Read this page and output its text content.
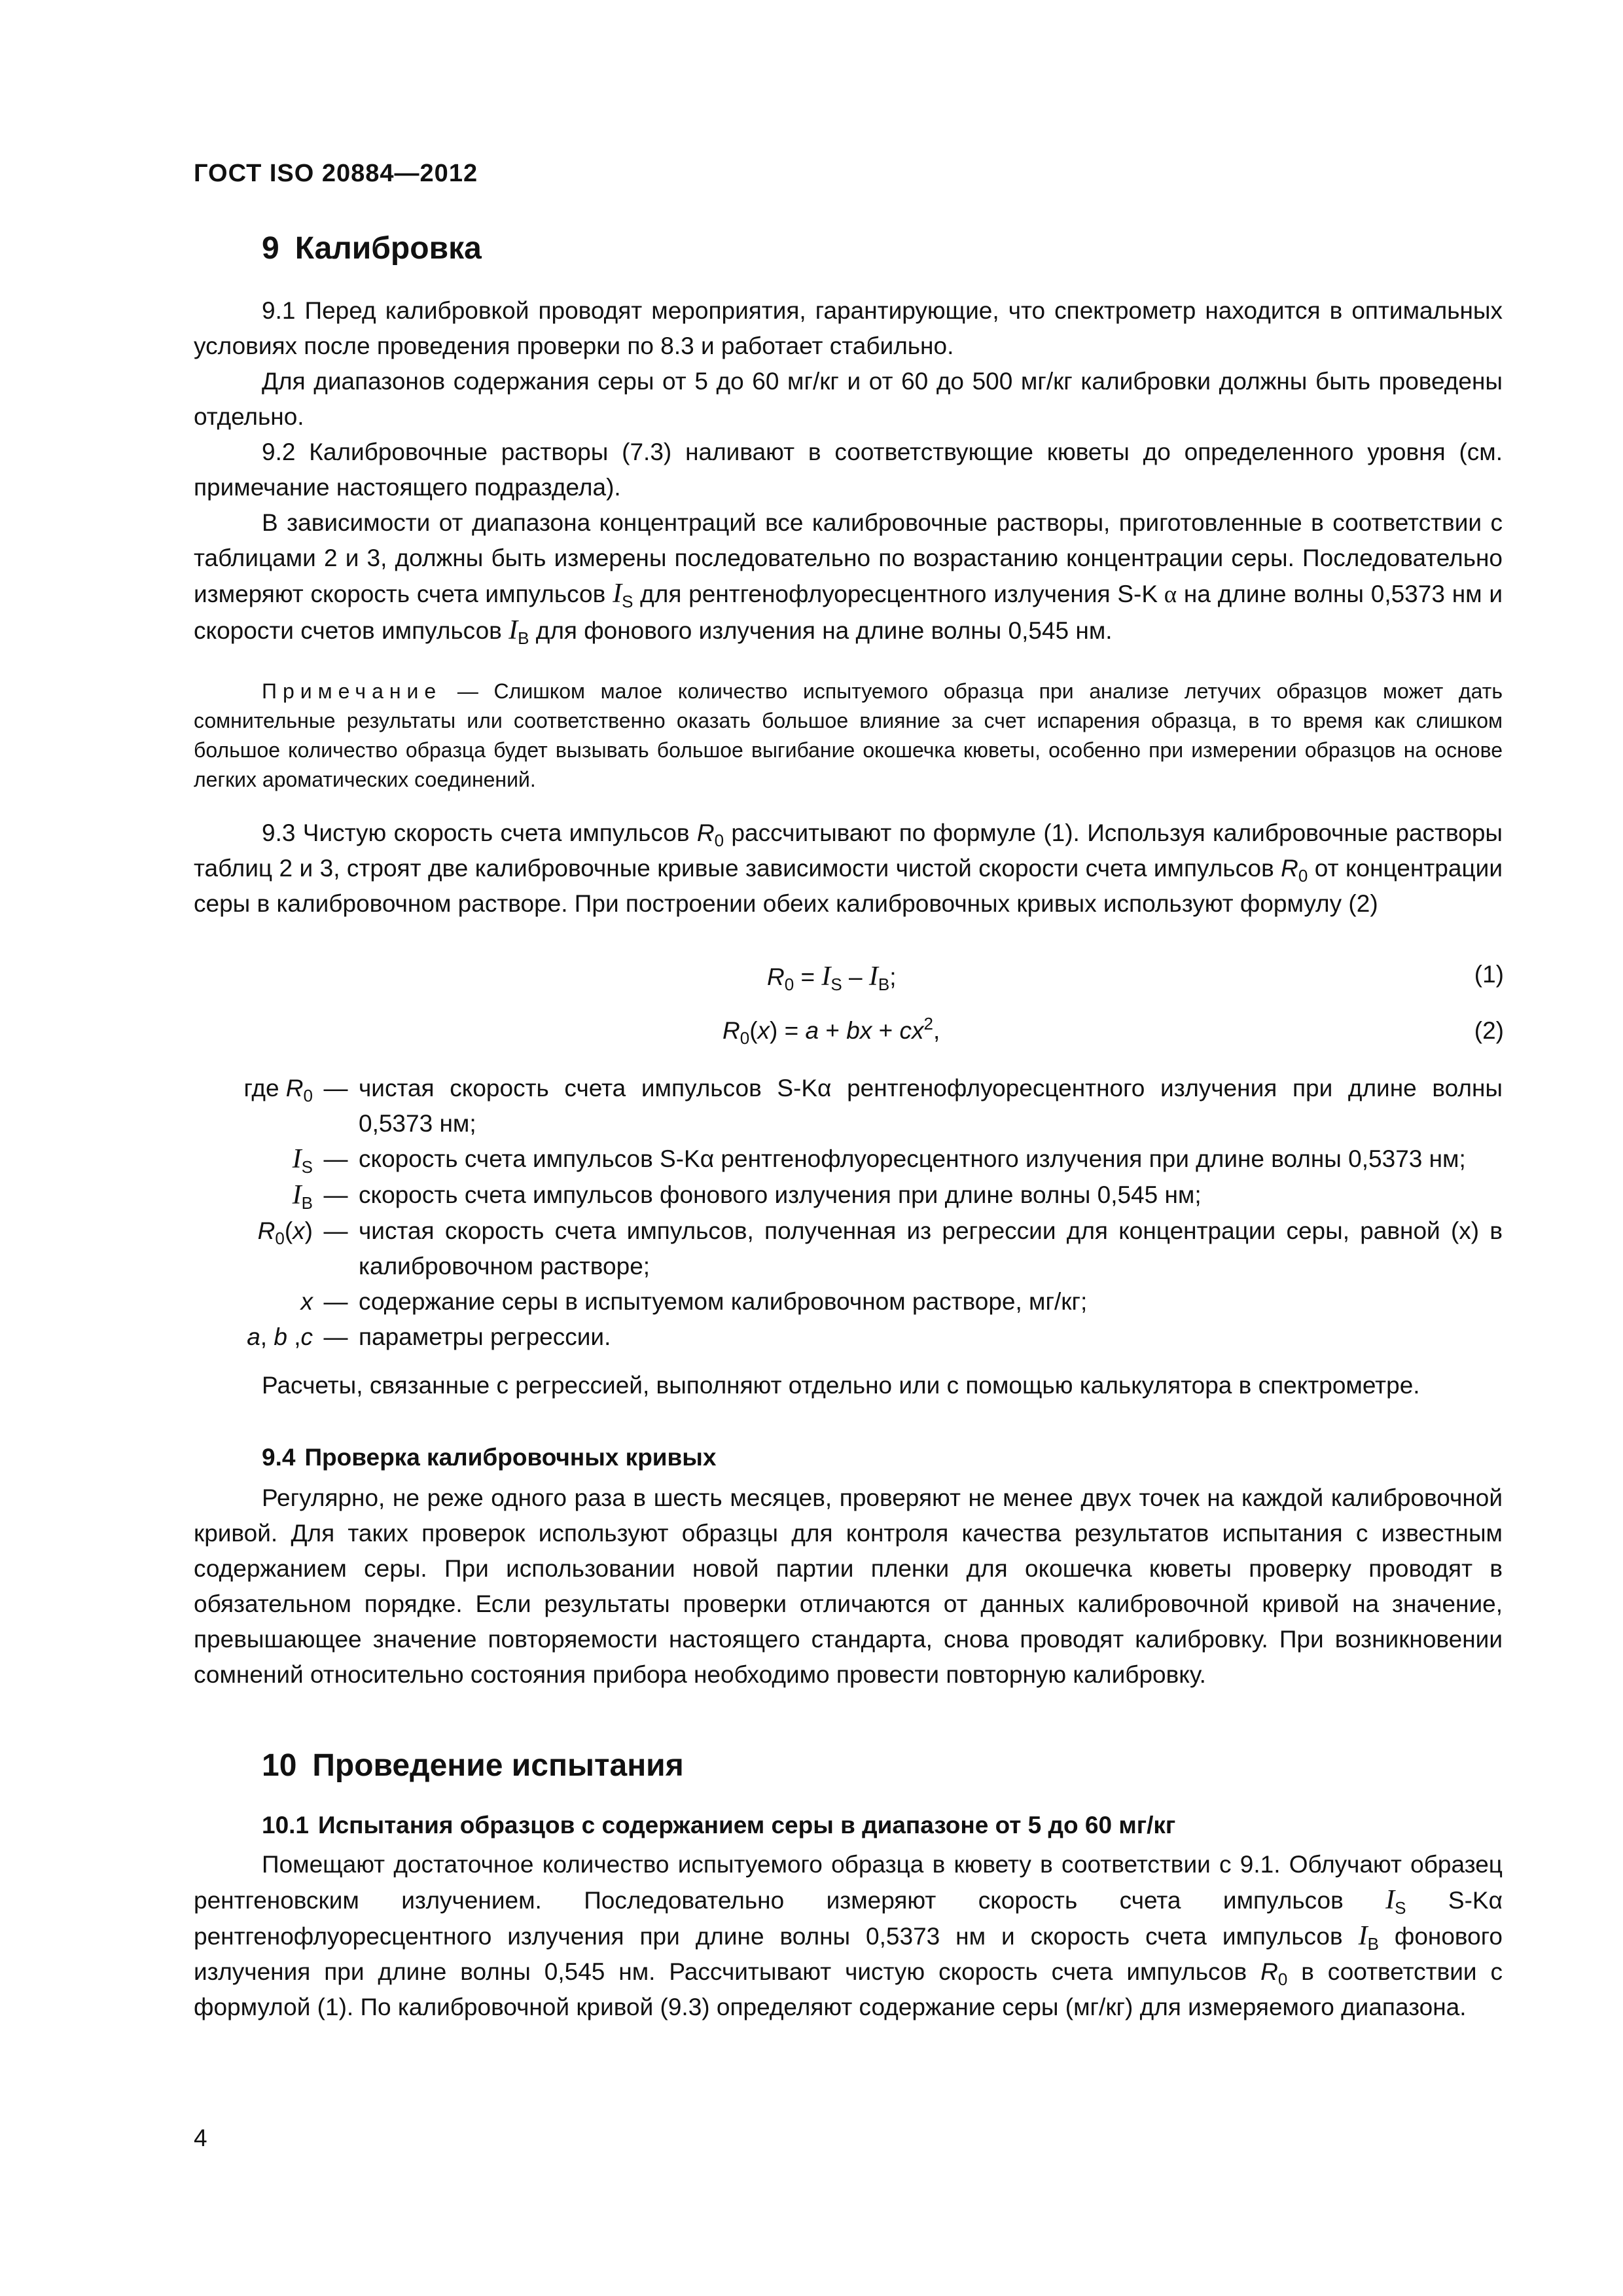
ГОСТ ISO 20884—2012
9 Калибровка
9.1 Перед калибровкой проводят мероприятия, гарантирующие, что спектрометр находится в оптимальных условиях после проведения проверки по 8.3 и работает стабильно.
Для диапазонов содержания серы от 5 до 60 мг/кг и от 60 до 500 мг/кг калибровки должны быть проведены отдельно.
9.2 Калибровочные растворы (7.3) наливают в соответствующие кюветы до определенного уровня (см. примечание настоящего подраздела).
В зависимости от диапазона концентраций все калибровочные растворы, приготовленные в соответствии с таблицами 2 и 3, должны быть измерены последовательно по возрастанию концентрации серы. Последовательно измеряют скорость счета импульсов $I_S$ для рентгенофлуоресцентного излучения S-K α на длине волны 0,5373 нм и скорости счетов импульсов $I_B$ для фонового излучения на длине волны 0,545 нм.
Примечание — Слишком малое количество испытуемого образца при анализе летучих образцов может дать сомнительные результаты или соответственно оказать большое влияние за счет испарения образца, в то время как слишком большое количество образца будет вызывать большое выгибание окошечка кюветы, особенно при измерении образцов на основе легких ароматических соединений.
9.3 Чистую скорость счета импульсов $R_0$ рассчитывают по формуле (1). Используя калибровочные растворы таблиц 2 и 3, строят две калибровочные кривые зависимости чистой скорости счета импульсов $R_0$ от концентрации серы в калибровочном растворе. При построении обеих калибровочных кривых используют формулу (2)
$R_0 = I_S - I_B$;	(1)
$R_0(x) = a$ + bx + $cx^2$,	(2)
где $R_0$ — чистая скорость счета импульсов S-Kα рентгенофлуоресцентного излучения при длине волны 0,5373 нм;
$I_S$ — скорость счета импульсов S-Kα рентгенофлуоресцентного излучения при длине волны 0,5373 нм;
$I_B$ — скорость счета импульсов фонового излучения при длине волны 0,545 нм;
$R_0(x)$ — чистая скорость счета импульсов, полученная из регрессии для концентрации серы, равной (x) в калибровочном растворе;
x — содержание серы в испытуемом калибровочном растворе, мг/кг;
a, b ,c — параметры регрессии.
Расчеты, связанные с регрессией, выполняют отдельно или с помощью калькулятора в спектрометре.
9.4 Проверка калибровочных кривых
Регулярно, не реже одного раза в шесть месяцев, проверяют не менее двух точек на каждой калибровочной кривой. Для таких проверок используют образцы для контроля качества результатов испытания с известным содержанием серы. При использовании новой партии пленки для окошечка кюветы проверку проводят в обязательном порядке. Если результаты проверки отличаются от данных калибровочной кривой на значение, превышающее значение повторяемости настоящего стандарта, снова проводят калибровку. При возникновении сомнений относительно состояния прибора необходимо провести повторную калибровку.
10 Проведение испытания
10.1 Испытания образцов с содержанием серы в диапазоне от 5 до 60 мг/кг
Помещают достаточное количество испытуемого образца в кювету в соответствии с 9.1. Облучают образец рентгеновским излучением. Последовательно измеряют скорость счета импульсов $I_S$ S-Kα рентгенофлуоресцентного излучения при длине волны 0,5373 нм и скорость счета импульсов $I_B$ фонового излучения при длине волны 0,545 нм. Рассчитывают чистую скорость счета импульсов $R_0$ в соответствии с формулой (1). По калибровочной кривой (9.3) определяют содержание серы (мг/кг) для измеряемого диапазона.
4
